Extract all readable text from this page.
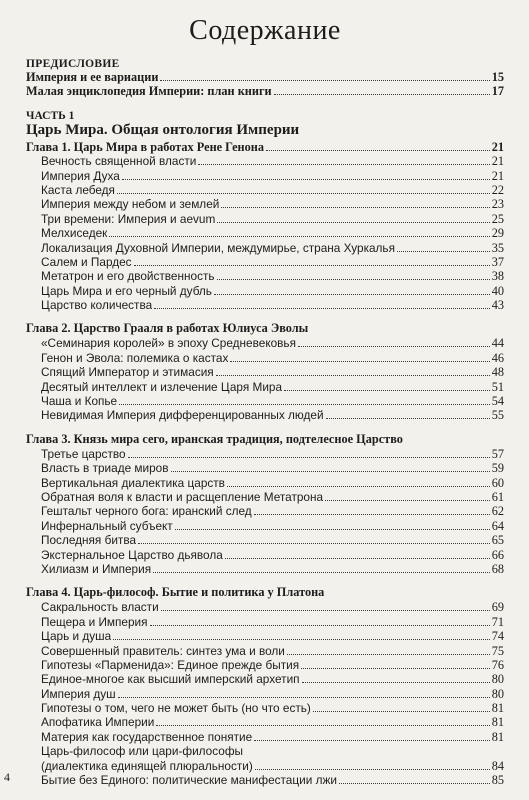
Содержание
ПРЕДИСЛОВИЕ
Империя и ее вариации	15
Малая энциклопедия Империи: план книги	17
ЧАСТЬ 1
Царь Мира. Общая онтология Империи
Глава 1. Царь Мира в работах Рене Генона	21
Вечность священной власти	21
Империя Духа	21
Каста лебедя	22
Империя между небом и землей	23
Три времени: Империя и aevum	25
Мелхиседек	29
Локализация Духовной Империи, междумирье, страна Хуркалья	35
Салем и Пардес	37
Метатрон и его двойственность	38
Царь Мира и его черный дубль	40
Царство количества	43
Глава 2. Царство Грааля в работах Юлиуса Эволы
«Семинария королей» в эпоху Средневековья	44
Генон и Эвола: полемика о кастах	46
Спящий Император и этимасия	48
Десятый интеллект и излечение Царя Мира	51
Чаша и Копье	54
Невидимая Империя дифференцированных людей	55
Глава 3. Князь мира сего, иранская традиция, подтелесное Царство
Третье царство	57
Власть в триаде миров	59
Вертикальная диалектика царств	60
Обратная воля к власти и расщепление Метатрона	61
Гештальт черного бога: иранский след	62
Инфернальный субъект	64
Последняя битва	65
Экстернальное Царство дьявола	66
Хилиазм и Империя	68
Глава 4. Царь-философ. Бытие и политика у Платона
Сакральность власти	69
Пещера и Империя	71
Царь и душа	74
Совершенный правитель: синтез ума и воли	75
Гипотезы «Парменида»: Единое прежде бытия	76
Единое-многое как высший имперский архетип	80
Империя душ	80
Гипотезы о том, чего не может быть (но что есть)	81
Апофатика Империи	81
Материя как государственное понятие	81
Царь-философ или цари-философы
(диалектика единящей плюральности)	84
Бытие без Единого: политические манифестации лжи	85
4
